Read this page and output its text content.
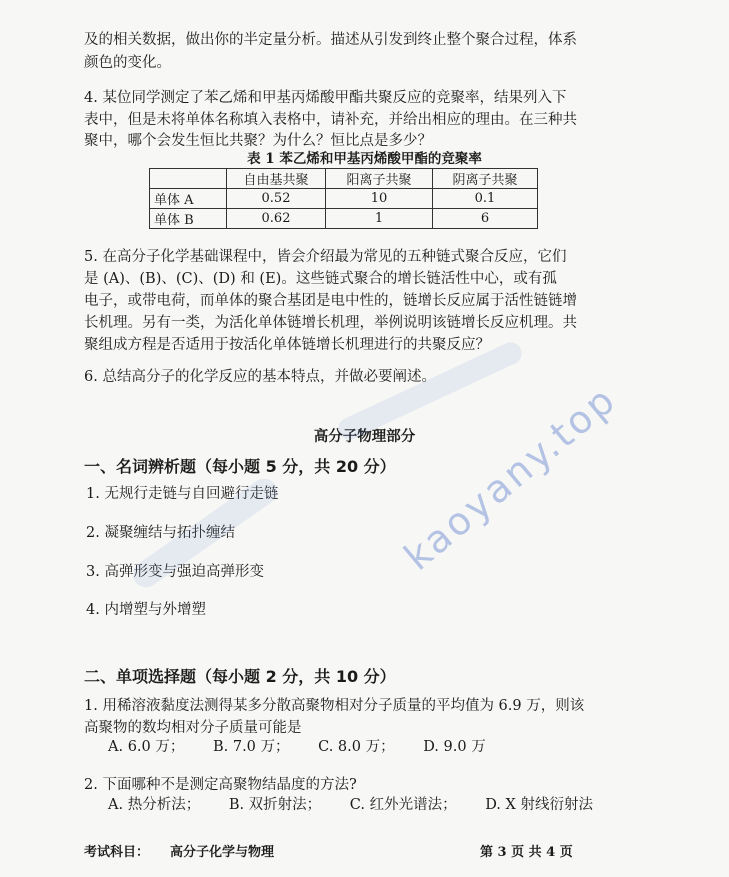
及的相关数据，做出你的半定量分析。描述从引发到终止整个聚合过程，体系
颜色的变化。
4. 某位同学测定了苯乙烯和甲基丙烯酸甲酯共聚反应的竞聚率，结果列入下
表中，但是未将单体名称填入表格中，请补充，并给出相应的理由。在三种共
聚中，哪个会发生恒比共聚？为什么？恒比点是多少？
表 1 苯乙烯和甲基丙烯酸甲酯的竞聚率
	自由基共聚	阳离子共聚	阴离子共聚
单体 A	0.52	10	0.1
单体 B	0.62	1	6
5. 在高分子化学基础课程中，皆会介绍最为常见的五种链式聚合反应，它们
是 (A)、(B)、(C)、(D) 和 (E)。这些链式聚合的增长链活性中心，或有孤
电子，或带电荷，而单体的聚合基团是电中性的，链增长反应属于活性链链增
长机理。另有一类，为活化单体链增长机理，举例说明该链增长反应机理。共
聚组成方程是否适用于按活化单体链增长机理进行的共聚反应？
6. 总结高分子的化学反应的基本特点，并做必要阐述。
高分子物理部分
一、名词辨析题（每小题 5 分，共 20 分）
1. 无规行走链与自回避行走链
2. 凝聚缠结与拓扑缠结
3. 高弹形变与强迫高弹形变
4. 内增塑与外增塑
二、单项选择题（每小题 2 分，共 10 分）
1. 用稀溶液黏度法测得某多分散高聚物相对分子质量的平均值为 6.9 万，则该
高聚物的数均相对分子质量可能是
A. 6.0 万； B. 7.0 万； C. 8.0 万； D. 9.0 万
2. 下面哪种不是测定高聚物结晶度的方法?
A. 热分析法； B. 双折射法； C. 红外光谱法； D. X 射线衍射法
考试科目： 高分子化学与物理	第 3 页 共 4 页
kaoyany.top
